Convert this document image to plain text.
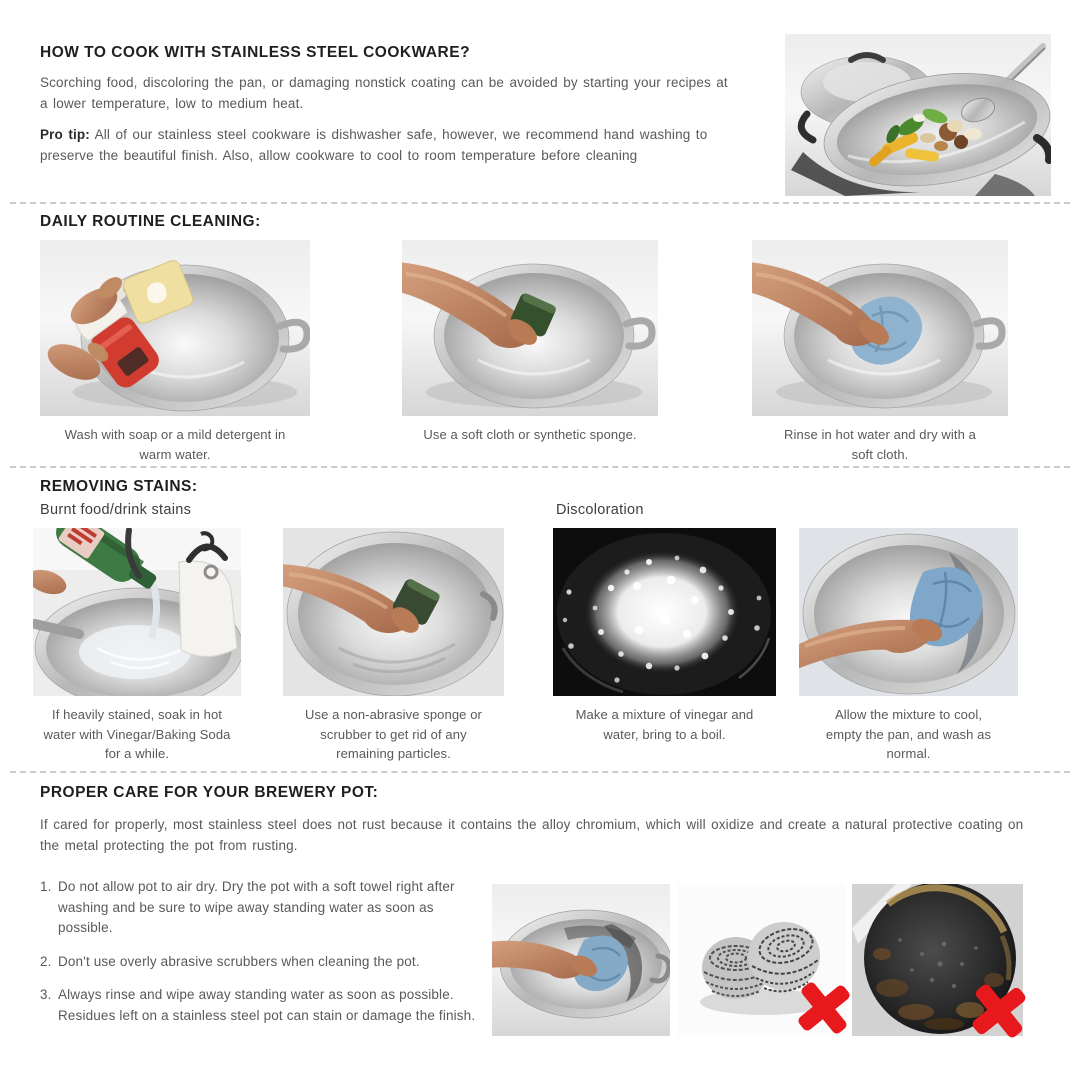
HOW TO COOK WITH STAINLESS STEEL COOKWARE?
Scorching food, discoloring the pan, or damaging nonstick coating can be avoided by starting your recipes at a lower temperature, low to medium heat.
Pro tip: All of our stainless steel cookware is dishwasher safe, however, we recommend hand washing to preserve the beautiful finish. Also, allow cookware to cool to room temperature before cleaning
DAILY ROUTINE CLEANING:
Wash with soap or a mild detergent in warm water.
Use a soft cloth or synthetic sponge.	Rinse in hot water and dry with a soft cloth.
REMOVING STAINS:
Burnt food/drink stains	Discoloration
If heavily stained, soak in hot water with Vinegar/Baking Soda for a while.
Use a non-abrasive sponge or scrubber to get rid of any remaining particles.
Make a mixture of vinegar and water, bring to a boil.
Allow the mixture to cool, empty the pan, and wash as normal.
PROPER CARE FOR YOUR BREWERY POT:
If cared for properly, most stainless steel does not rust because it contains the alloy chromium, which will oxidize and create a natural protective coating on the metal protecting the pot from rusting.
1. Do not allow pot to air dry. Dry the pot with a soft towel right after washing and be sure to wipe away standing water as soon as possible.
2. Don't use overly abrasive scrubbers when cleaning the pot.
3. Always rinse and wipe away standing water as soon as possible. Residues left on a stainless steel pot can stain or damage the finish.
